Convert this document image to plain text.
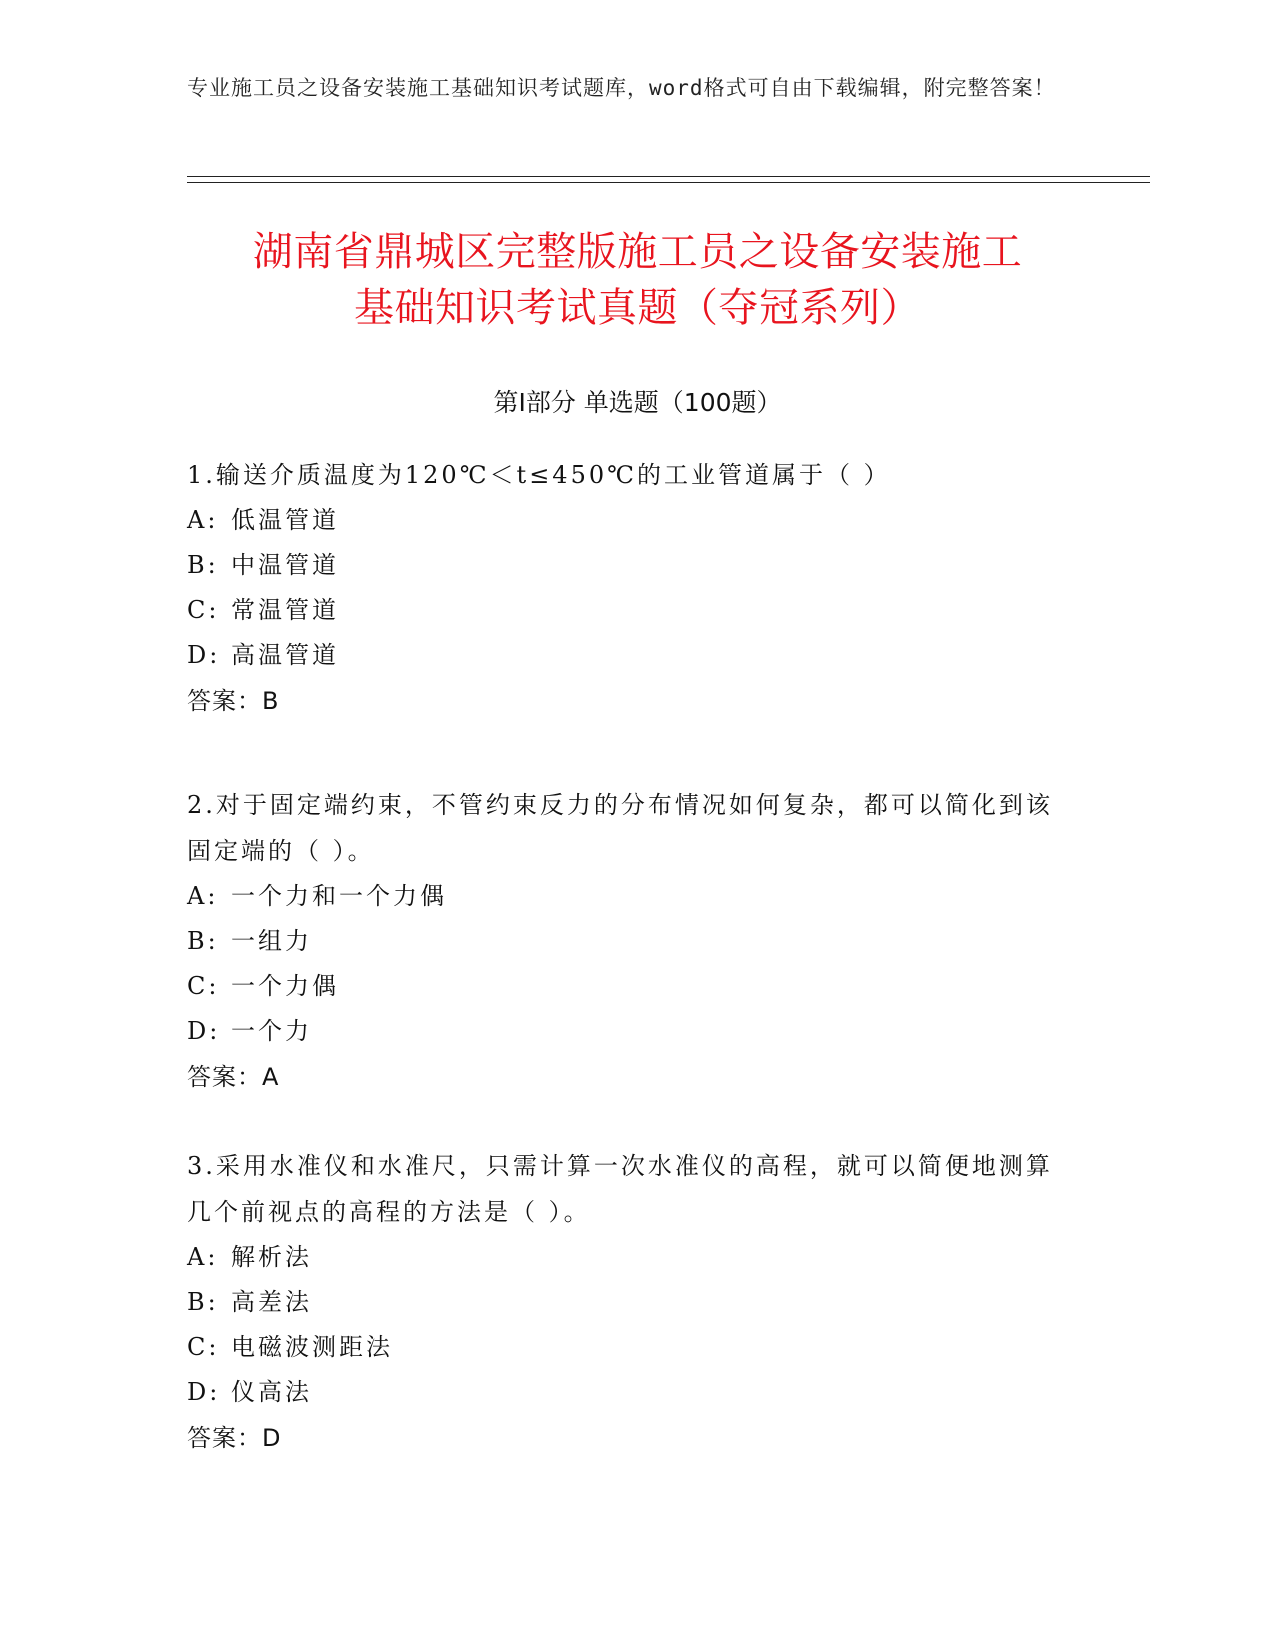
专业施工员之设备安装施工基础知识考试题库，word格式可自由下载编辑，附完整答案！
湖南省鼎城区完整版施工员之设备安装施工
基础知识考试真题（夺冠系列）
第Ⅰ部分 单选题（100题）
1.输送介质温度为120℃＜t≤450℃的工业管道属于（ ）
A: 低温管道
B: 中温管道
C: 常温管道
D: 高温管道
答案：B
2.对于固定端约束，不管约束反力的分布情况如何复杂，都可以简化到该固定端的（ ）。
A: 一个力和一个力偶
B: 一组力
C: 一个力偶
D: 一个力
答案：A
3.采用水准仪和水准尺，只需计算一次水准仪的高程，就可以简便地测算几个前视点的高程的方法是（ ）。
A: 解析法
B: 高差法
C: 电磁波测距法
D: 仪高法
答案：D
